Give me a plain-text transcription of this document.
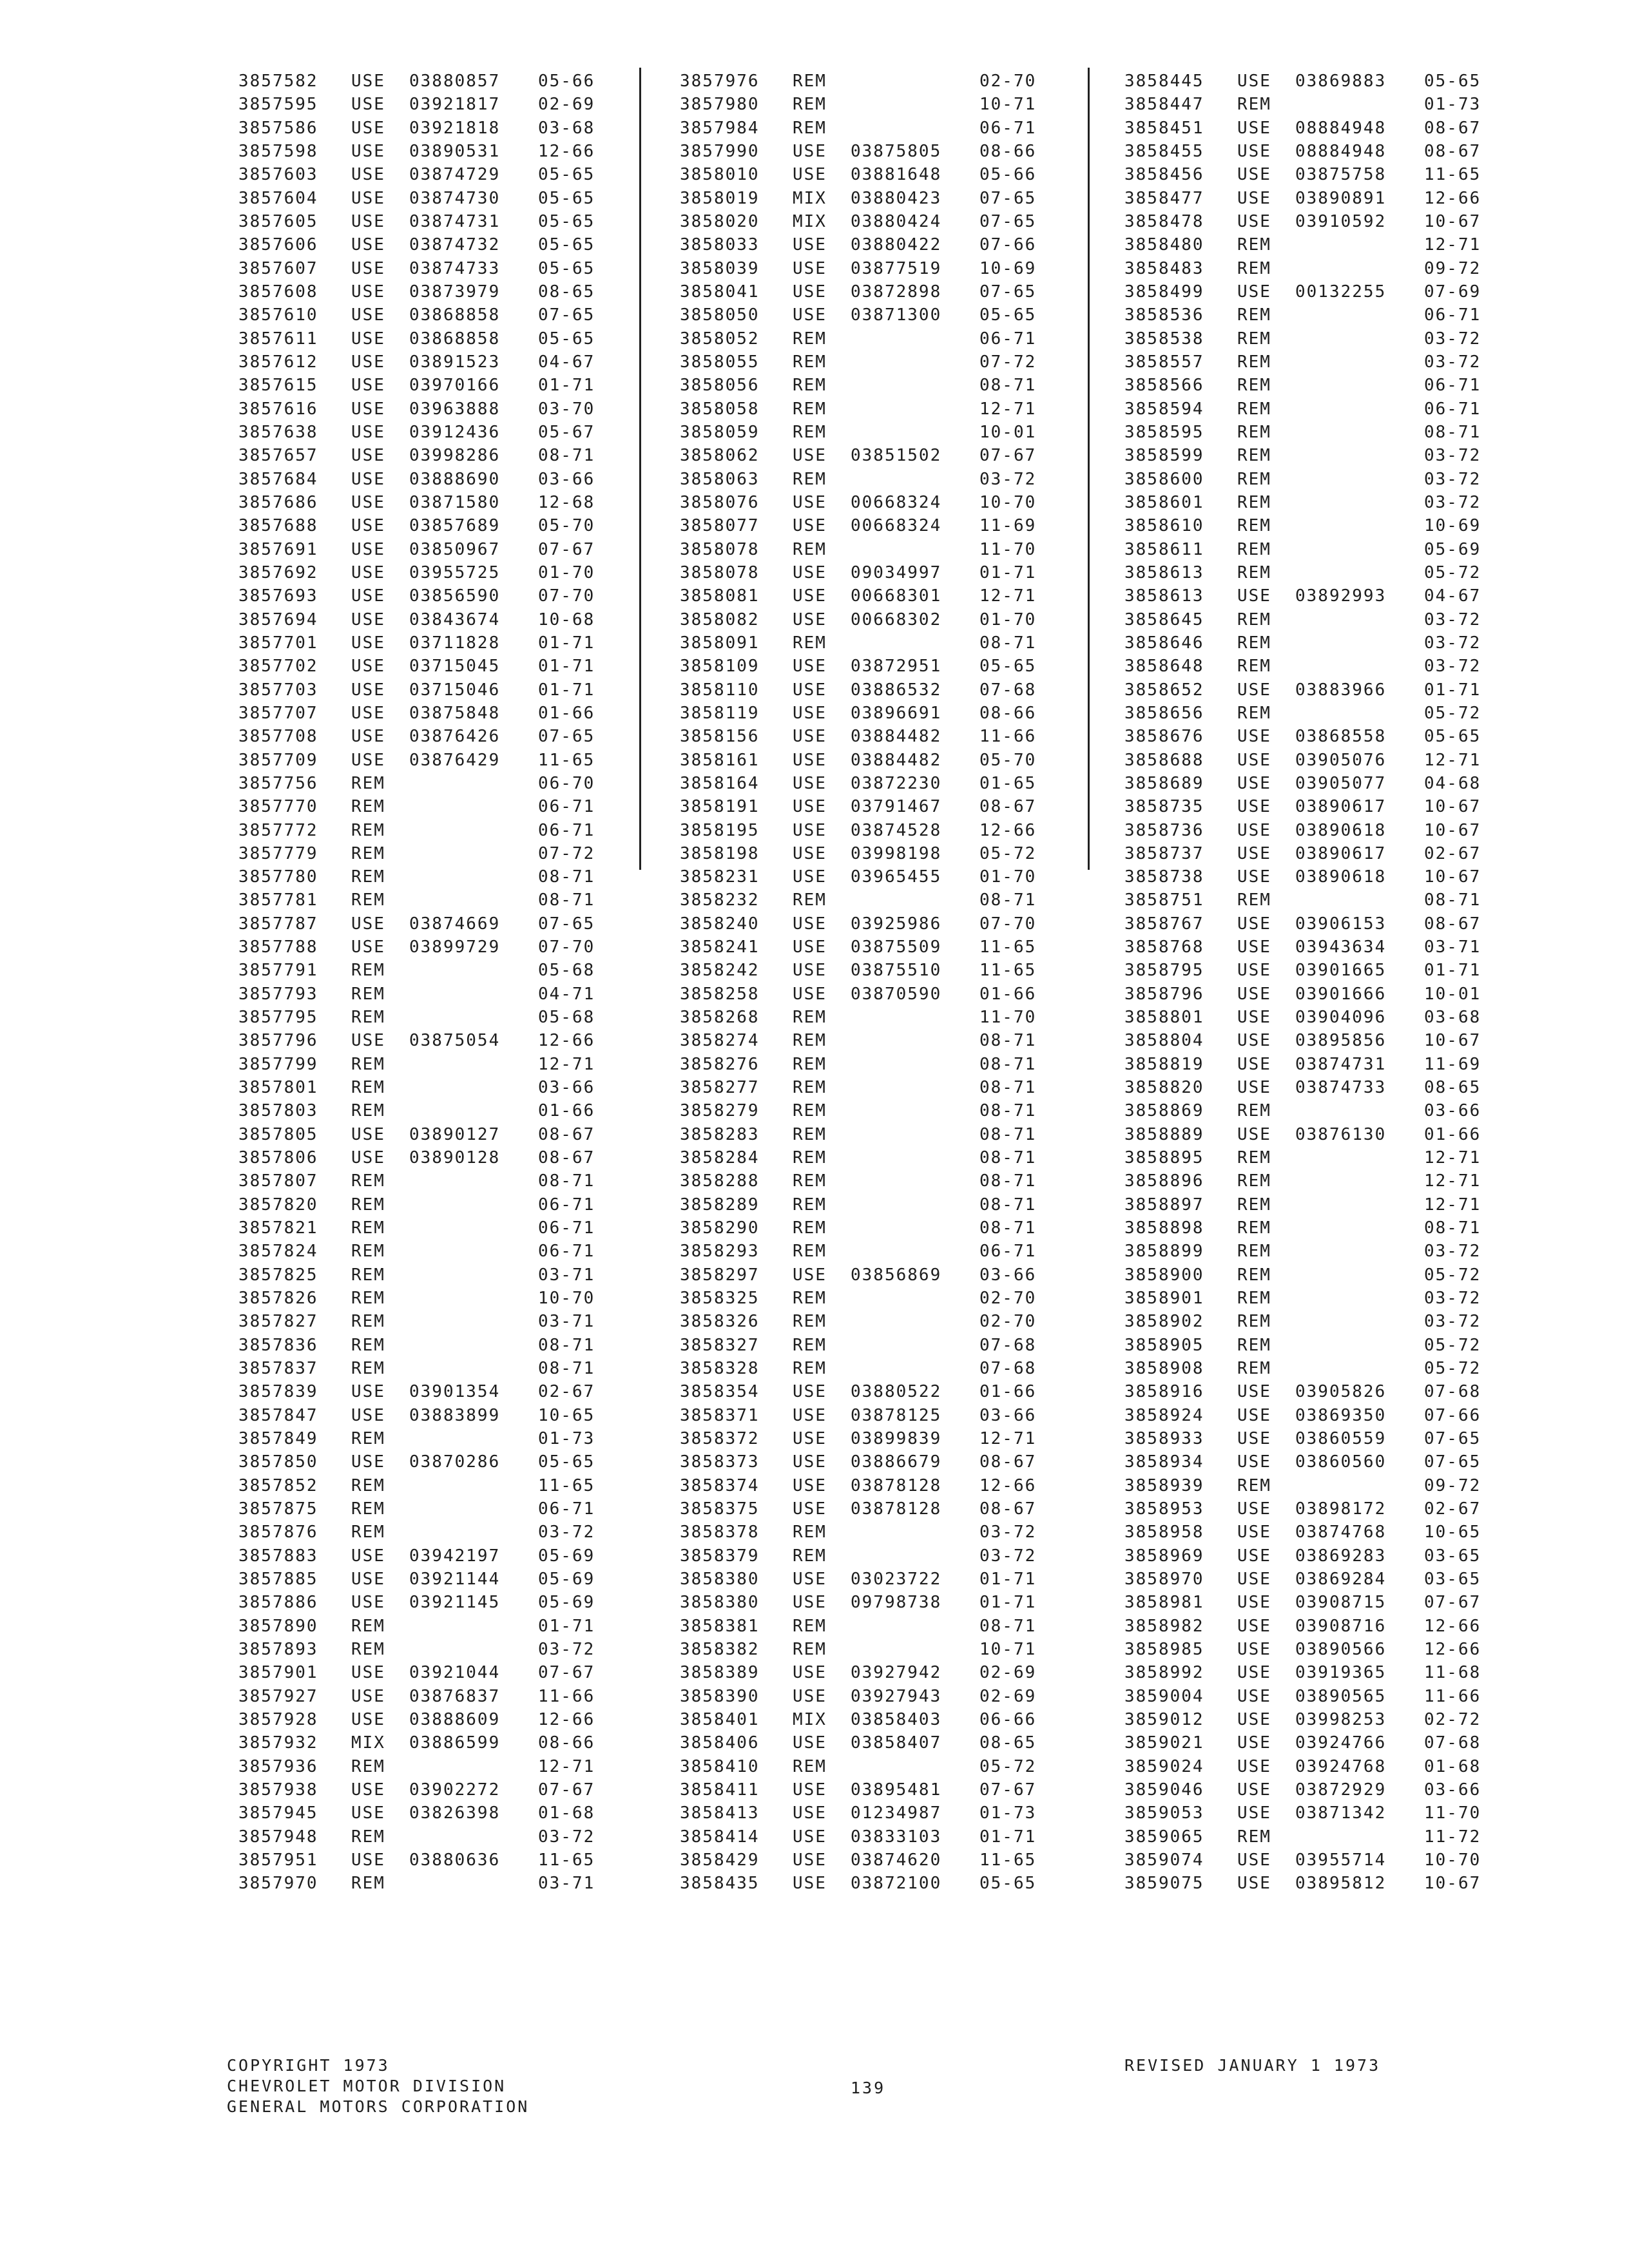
3857582 USE 03880857 05-66
3857595 USE 03921817 02-69
3857586 USE 03921818 03-68
3857598 USE 03890531 12-66
3857603 USE 03874729 05-65
3857604 USE 03874730 05-65
3857605 USE 03874731 05-65
3857606 USE 03874732 05-65
3857607 USE 03874733 05-65
3857608 USE 03873979 08-65
3857610 USE 03868858 07-65
3857611 USE 03868858 05-65
3857612 USE 03891523 04-67
3857615 USE 03970166 01-71
3857616 USE 03963888 03-70
3857638 USE 03912436 05-67
3857657 USE 03998286 08-71
3857684 USE 03888690 03-66
3857686 USE 03871580 12-68
3857688 USE 03857689 05-70
3857691 USE 03850967 07-67
3857692 USE 03955725 01-70
3857693 USE 03856590 07-70
3857694 USE 03843674 10-68
3857701 USE 03711828 01-71
3857702 USE 03715045 01-71
3857703 USE 03715046 01-71
3857707 USE 03875848 01-66
3857708 USE 03876426 07-65
3857709 USE 03876429 11-65
3857756 REM	06-70
3857770 REM	06-71
3857772 REM	06-71
3857779 REM	07-72
3857780 REM	08-71
3857781 REM	08-71
3857787 USE 03874669 07-65
3857788 USE 03899729 07-70
3857791 REM	05-68
3857793 REM	04-71
3857795 REM	05-68
3857796 USE 03875054 12-66
3857799 REM	12-71
3857801 REM	03-66
3857803 REM	01-66
3857805 USE 03890127 08-67
3857806 USE 03890128 08-67
3857807 REM	08-71
3857820 REM	06-71
3857821 REM	06-71
3857824 REM	06-71
3857825 REM	03-71
3857826 REM	10-70
3857827 REM	03-71
3857836 REM	08-71
3857837 REM	08-71
3857839 USE 03901354 02-67
3857847 USE 03883899 10-65
3857849 REM	01-73
3857850 USE 03870286 05-65
3857852 REM	11-65
3857875 REM	06-71
3857876 REM	03-72
3857883 USE 03942197 05-69
3857885 USE 03921144 05-69
3857886 USE 03921145 05-69
3857890 REM	01-71
3857893 REM	03-72
3857901 USE 03921044 07-67
3857927 USE 03876837 11-66
3857928 USE 03888609 12-66
3857932 MIX 03886599 08-66
3857936 REM	12-71
3857938 USE 03902272 07-67
3857945 USE 03826398 01-68
3857948 REM	03-72
3857951 USE 03880636 11-65
3857970 REM	03-71
3857976 REM	02-70
3857980 REM	10-71
3857984 REM	06-71
3857990 USE 03875805 08-66
3858010 USE 03881648 05-66
3858019 MIX 03880423 07-65
3858020 MIX 03880424 07-65
3858033 USE 03880422 07-66
3858039 USE 03877519 10-69
3858041 USE 03872898 07-65
3858050 USE 03871300 05-65
3858052 REM	06-71
3858055 REM	07-72
3858056 REM	08-71
3858058 REM	12-71
3858059 REM	10-01
3858062 USE 03851502 07-67
3858063 REM	03-72
3858076 USE 00668324 10-70
3858077 USE 00668324 11-69
3858078 REM	11-70
3858078 USE 09034997 01-71
3858081 USE 00668301 12-71
3858082 USE 00668302 01-70
3858091 REM	08-71
3858109 USE 03872951 05-65
3858110 USE 03886532 07-68
3858119 USE 03896691 08-66
3858156 USE 03884482 11-66
3858161 USE 03884482 05-70
3858164 USE 03872230 01-65
3858191 USE 03791467 08-67
3858195 USE 03874528 12-66
3858198 USE 03998198 05-72
3858231 USE 03965455 01-70
3858232 REM	08-71
3858240 USE 03925986 07-70
3858241 USE 03875509 11-65
3858242 USE 03875510 11-65
3858258 USE 03870590 01-66
3858268 REM	11-70
3858274 REM	08-71
3858276 REM	08-71
3858277 REM	08-71
3858279 REM	08-71
3858283 REM	08-71
3858284 REM	08-71
3858288 REM	08-71
3858289 REM	08-71
3858290 REM	08-71
3858293 REM	06-71
3858297 USE 03856869 03-66
3858325 REM	02-70
3858326 REM	02-70
3858327 REM	07-68
3858328 REM	07-68
3858354 USE 03880522 01-66
3858371 USE 03878125 03-66
3858372 USE 03899839 12-71
3858373 USE 03886679 08-67
3858374 USE 03878128 12-66
3858375 USE 03878128 08-67
3858378 REM	03-72
3858379 REM	03-72
3858380 USE 03023722 01-71
3858380 USE 09798738 01-71
3858381 REM	08-71
3858382 REM	10-71
3858389 USE 03927942 02-69
3858390 USE 03927943 02-69
3858401 MIX 03858403 06-66
3858406 USE 03858407 08-65
3858410 REM	05-72
3858411 USE 03895481 07-67
3858413 USE 01234987 01-73
3858414 USE 03833103 01-71
3858429 USE 03874620 11-65
3858435 USE 03872100 05-65
3858445 USE 03869883 05-65
3858447 REM	01-73
3858451 USE 08884948 08-67
3858455 USE 08884948 08-67
3858456 USE 03875758 11-65
3858477 USE 03890891 12-66
3858478 USE 03910592 10-67
3858480 REM	12-71
3858483 REM	09-72
3858499 USE 00132255 07-69
3858536 REM	06-71
3858538 REM	03-72
3858557 REM	03-72
3858566 REM	06-71
3858594 REM	06-71
3858595 REM	08-71
3858599 REM	03-72
3858600 REM	03-72
3858601 REM	03-72
3858610 REM	10-69
3858611 REM	05-69
3858613 REM	05-72
3858613 USE 03892993 04-67
3858645 REM	03-72
3858646 REM	03-72
3858648 REM	03-72
3858652 USE 03883966 01-71
3858656 REM	05-72
3858676 USE 03868558 05-65
3858688 USE 03905076 12-71
3858689 USE 03905077 04-68
3858735 USE 03890617 10-67
3858736 USE 03890618 10-67
3858737 USE 03890617 02-67
3858738 USE 03890618 10-67
3858751 REM	08-71
3858767 USE 03906153 08-67
3858768 USE 03943634 03-71
3858795 USE 03901665 01-71
3858796 USE 03901666 10-01
3858801 USE 03904096 03-68
3858804 USE 03895856 10-67
3858819 USE 03874731 11-69
3858820 USE 03874733 08-65
3858869 REM	03-66
3858889 USE 03876130 01-66
3858895 REM	12-71
3858896 REM	12-71
3858897 REM	12-71
3858898 REM	08-71
3858899 REM	03-72
3858900 REM	05-72
3858901 REM	03-72
3858902 REM	03-72
3858905 REM	05-72
3858908 REM	05-72
3858916 USE 03905826 07-68
3858924 USE 03869350 07-66
3858933 USE 03860559 07-65
3858934 USE 03860560 07-65
3858939 REM	09-72
3858953 USE 03898172 02-67
3858958 USE 03874768 10-65
3858969 USE 03869283 03-65
3858970 USE 03869284 03-65
3858981 USE 03908715 07-67
3858982 USE 03908716 12-66
3858985 USE 03890566 12-66
3858992 USE 03919365 11-68
3859004 USE 03890565 11-66
3859012 USE 03998253 02-72
3859021 USE 03924766 07-68
3859024 USE 03924768 01-68
3859046 USE 03872929 03-66
3859053 USE 03871342 11-70
3859065 REM	11-72
3859074 USE 03955714 10-70
3859075 USE 03895812 10-67
COPYRIGHT 1973
CHEVROLET MOTOR DIVISION
GENERAL MOTORS CORPORATION
139
REVISED JANUARY 1 1973
